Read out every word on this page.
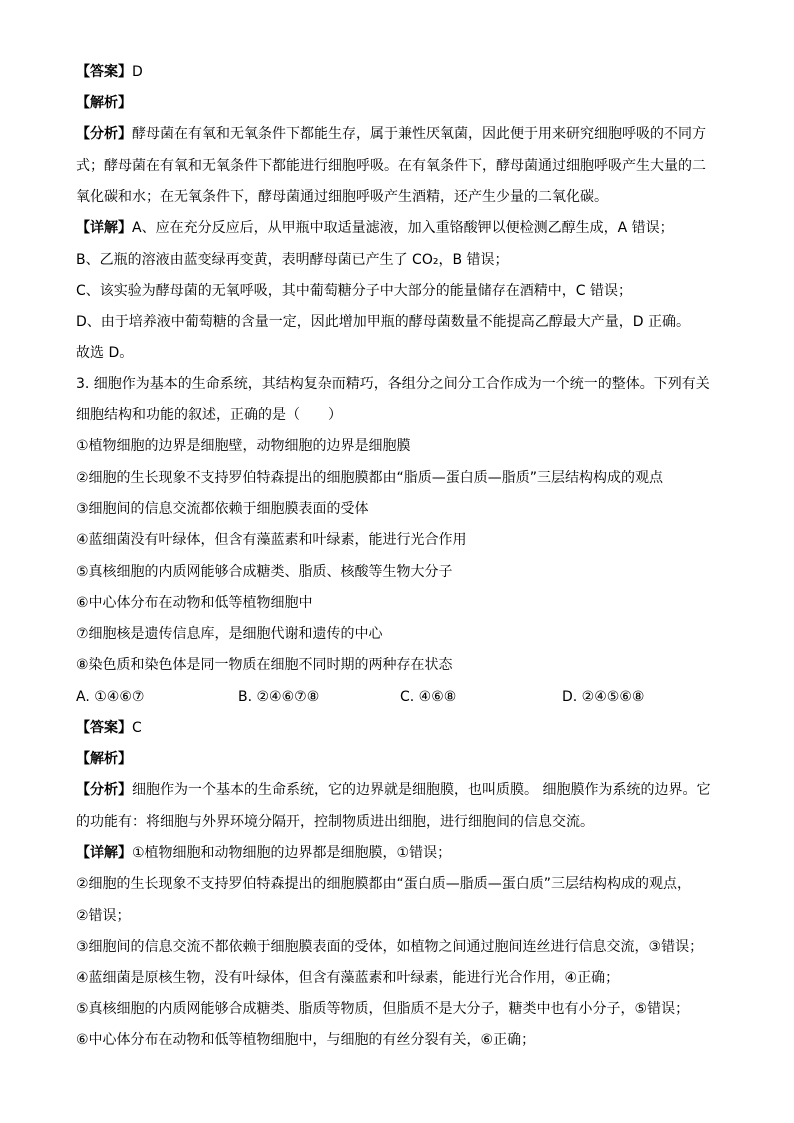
【答案】D
【解析】
【分析】酵母菌在有氧和无氧条件下都能生存，属于兼性厌氧菌，因此便于用来研究细胞呼吸的不同方
式；酵母菌在有氧和无氧条件下都能进行细胞呼吸。在有氧条件下，酵母菌通过细胞呼吸产生大量的二
氧化碳和水；在无氧条件下，酵母菌通过细胞呼吸产生酒精，还产生少量的二氧化碳。
【详解】A、应在充分反应后，从甲瓶中取适量滤液，加入重铬酸钾以便检测乙醇生成，A 错误；
B、乙瓶的溶液由蓝变绿再变黄，表明酵母菌已产生了 CO₂，B 错误；
C、该实验为酵母菌的无氧呼吸，其中葡萄糖分子中大部分的能量储存在酒精中，C 错误；
D、由于培养液中葡萄糖的含量一定，因此增加甲瓶的酵母菌数量不能提高乙醇最大产量，D 正确。
故选 D。
3. 细胞作为基本的生命系统，其结构复杂而精巧，各组分之间分工合作成为一个统一的整体。下列有关
细胞结构和功能的叙述，正确的是（　　）
①植物细胞的边界是细胞壁，动物细胞的边界是细胞膜
②细胞的生长现象不支持罗伯特森提出的细胞膜都由“脂质—蛋白质—脂质”三层结构构成的观点
③细胞间的信息交流都依赖于细胞膜表面的受体
④蓝细菌没有叶绿体，但含有藻蓝素和叶绿素，能进行光合作用
⑤真核细胞的内质网能够合成糖类、脂质、核酸等生物大分子
⑥中心体分布在动物和低等植物细胞中
⑦细胞核是遗传信息库，是细胞代谢和遗传的中心
⑧染色质和染色体是同一物质在细胞不同时期的两种存在状态
A. ①④⑥⑦	B. ②④⑥⑦⑧	C. ④⑥⑧	D. ②④⑤⑥⑧
【答案】C
【解析】
【分析】细胞作为一个基本的生命系统，它的边界就是细胞膜，也叫质膜。 细胞膜作为系统的边界。它
的功能有：将细胞与外界环境分隔开，控制物质进出细胞，进行细胞间的信息交流。
【详解】①植物细胞和动物细胞的边界都是细胞膜，①错误；
②细胞的生长现象不支持罗伯特森提出的细胞膜都由“蛋白质—脂质—蛋白质”三层结构构成的观点，
②错误；
③细胞间的信息交流不都依赖于细胞膜表面的受体，如植物之间通过胞间连丝进行信息交流，③错误；
④蓝细菌是原核生物，没有叶绿体，但含有藻蓝素和叶绿素，能进行光合作用，④正确；
⑤真核细胞的内质网能够合成糖类、脂质等物质，但脂质不是大分子，糖类中也有小分子，⑤错误；
⑥中心体分布在动物和低等植物细胞中，与细胞的有丝分裂有关，⑥正确；
